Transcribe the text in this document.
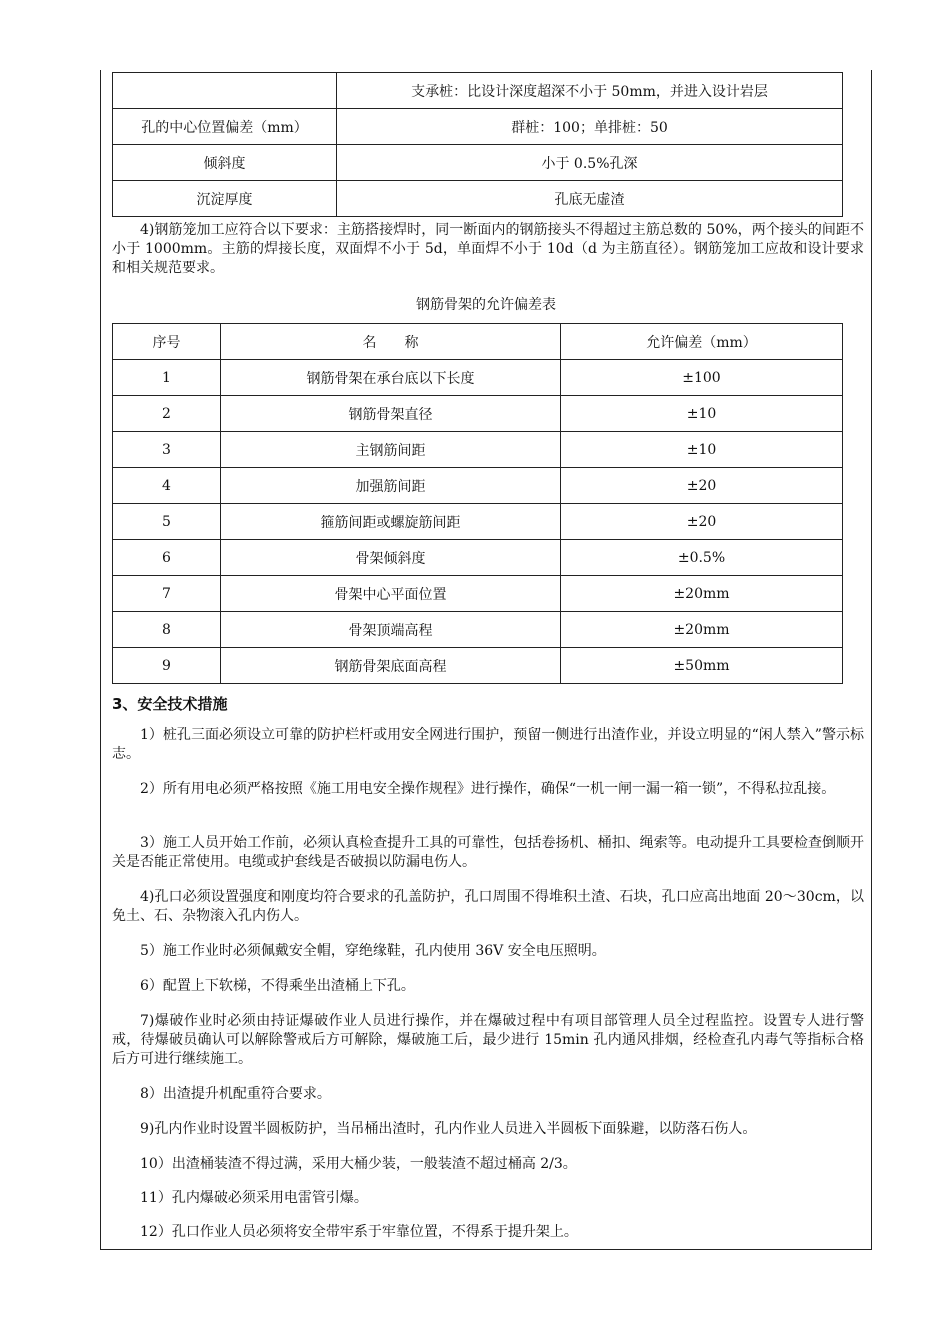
	支承桩：比设计深度超深不小于 50mm，并进入设计岩层
孔的中心位置偏差（mm）	群桩：100；单排桩：50
倾斜度	小于 0.5%孔深
沉淀厚度	孔底无虚渣

4)钢筋笼加工应符合以下要求：主筋搭接焊时，同一断面内的钢筋接头不得超过主筋总数的 50%，两个接头的间距不小于 1000mm。主筋的焊接长度，双面焊不小于 5d，单面焊不小于 10d（d 为主筋直径）。钢筋笼加工应故和设计要求和相关规范要求。

钢筋骨架的允许偏差表
序号	名　　称	允许偏差（mm）
1	钢筋骨架在承台底以下长度	±100
2	钢筋骨架直径	±10
3	主钢筋间距	±10
4	加强筋间距	±20
5	箍筋间距或螺旋筋间距	±20
6	骨架倾斜度	±0.5%
7	骨架中心平面位置	±20mm
8	骨架顶端高程	±20mm
9	钢筋骨架底面高程	±50mm
3、安全技术措施

1）桩孔三面必须设立可靠的防护栏杆或用安全网进行围护，预留一侧进行出渣作业，并设立明显的“闲人禁入”警示标志。

2）所有用电必须严格按照《施工用电安全操作规程》进行操作，确保“一机一闸一漏一箱一锁”，不得私拉乱接。

3）施工人员开始工作前，必须认真检查提升工具的可靠性，包括卷扬机、桶扣、绳索等。电动提升工具要检查倒顺开关是否能正常使用。电缆或护套线是否破损以防漏电伤人。

4)孔口必须设置强度和刚度均符合要求的孔盖防护，孔口周围不得堆积土渣、石块，孔口应高出地面 20～30cm，以免土、石、杂物滚入孔内伤人。

5）施工作业时必须佩戴安全帽，穿绝缘鞋，孔内使用 36V 安全电压照明。

6）配置上下软梯，不得乘坐出渣桶上下孔。

7)爆破作业时必须由持证爆破作业人员进行操作，并在爆破过程中有项目部管理人员全过程监控。设置专人进行警戒，待爆破员确认可以解除警戒后方可解除，爆破施工后，最少进行 15min 孔内通风排烟，经检查孔内毒气等指标合格后方可进行继续施工。

8）出渣提升机配重符合要求。

9)孔内作业时设置半圆板防护，当吊桶出渣时，孔内作业人员进入半圆板下面躲避，以防落石伤人。

10）出渣桶装渣不得过满，采用大桶少装，一般装渣不超过桶高 2/3。

11）孔内爆破必须采用电雷管引爆。

12）孔口作业人员必须将安全带牢系于牢靠位置，不得系于提升架上。
